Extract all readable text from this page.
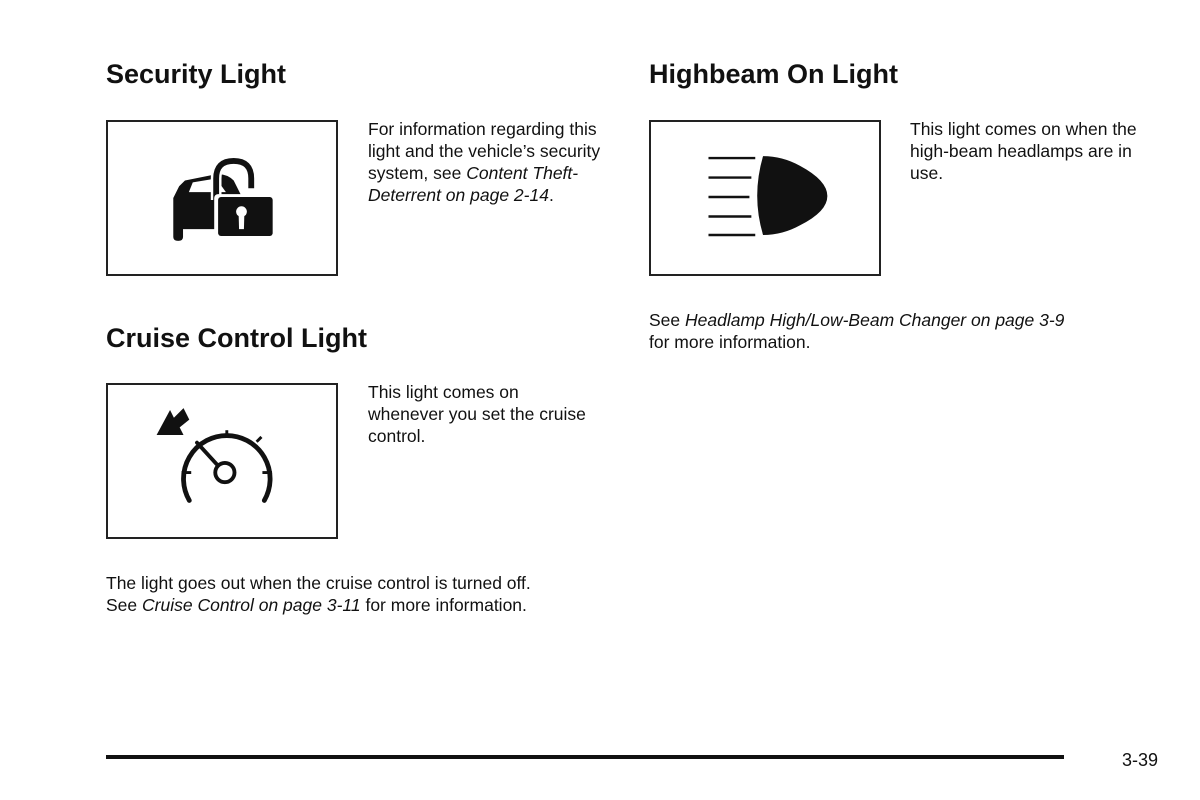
Security Light

For information regarding this light and the vehicle’s security system, see Content Theft-Deterrent on page 2-14.

Cruise Control Light

This light comes on whenever you set the cruise control.

The light goes out when the cruise control is turned off.
See Cruise Control on page 3-11 for more information.

Highbeam On Light

This light comes on when the high-beam headlamps are in use.

See Headlamp High/Low-Beam Changer on page 3-9
for more information.

3-39
